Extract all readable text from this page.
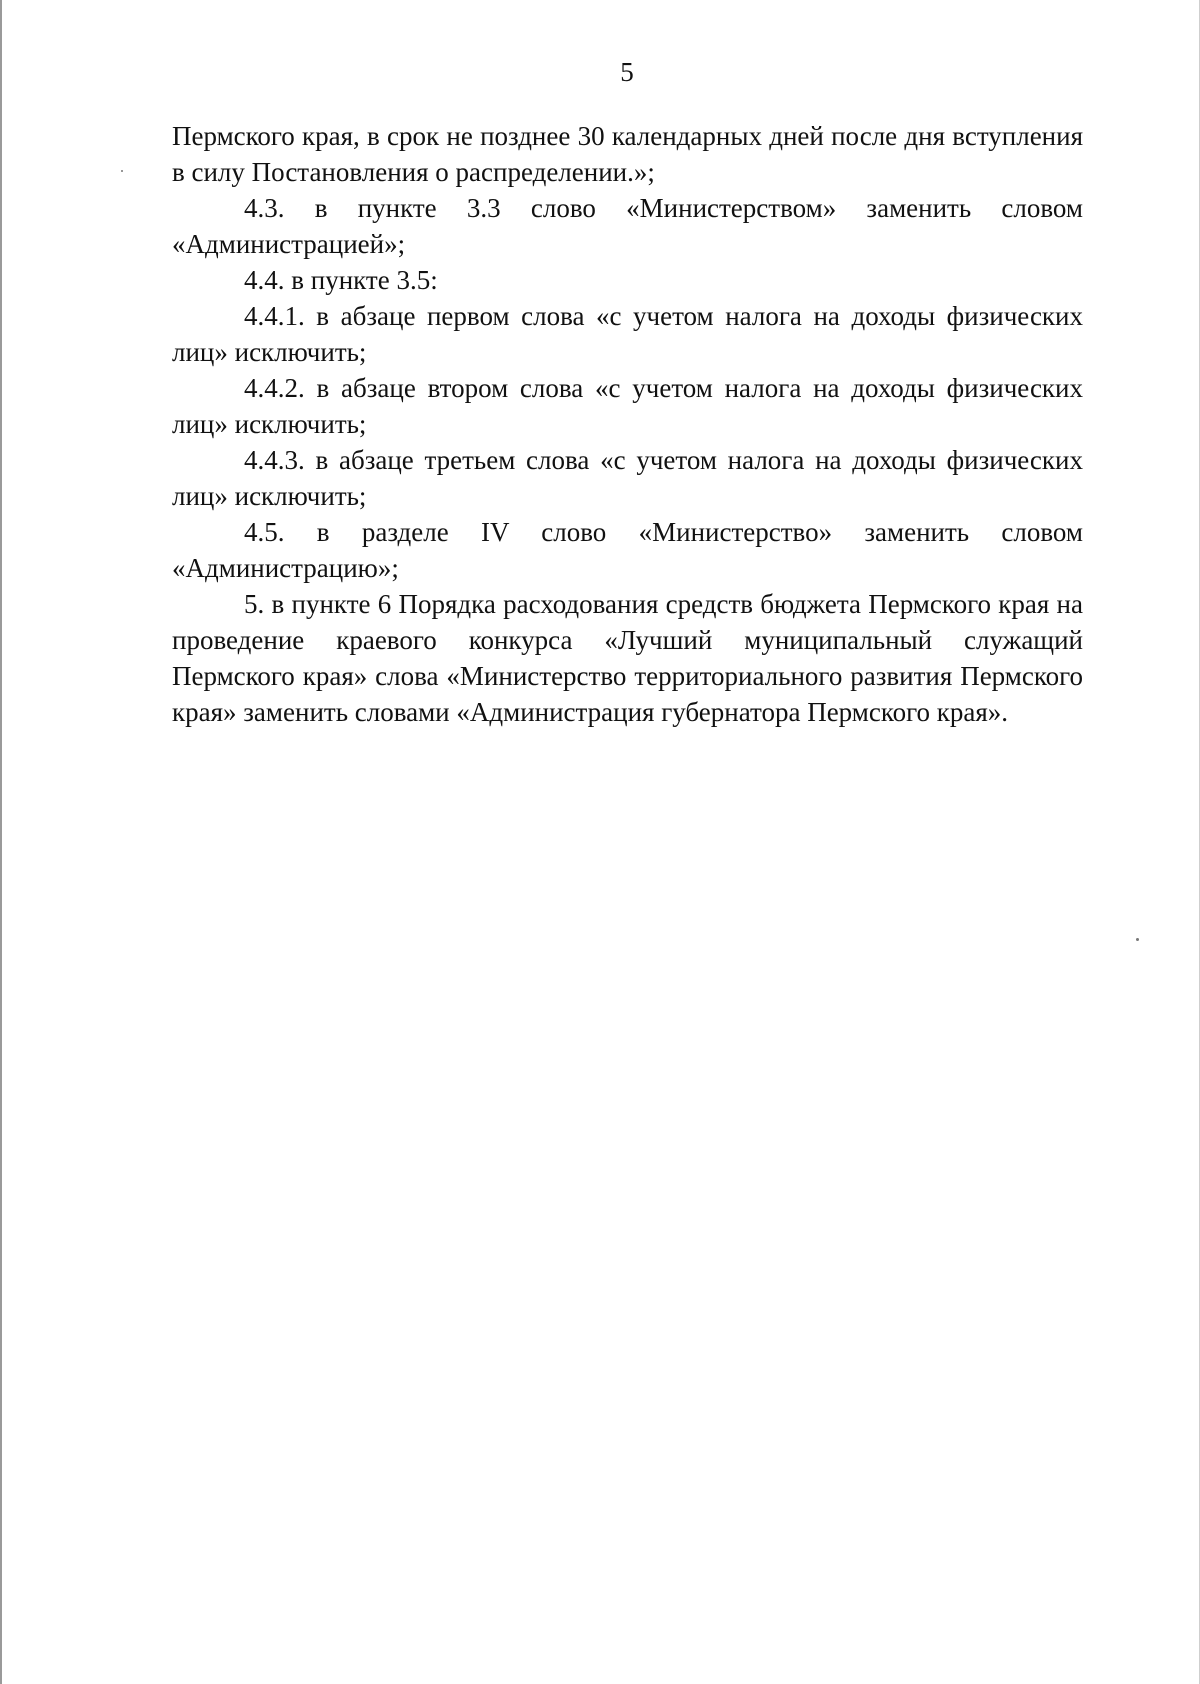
5

Пермского края, в срок не позднее 30 календарных дней после дня вступления в силу Постановления о распределении.»;

4.3. в пункте 3.3 слово «Министерством» заменить словом «Администрацией»;

4.4. в пункте 3.5:

4.4.1. в абзаце первом слова «с учетом налога на доходы физических лиц» исключить;

4.4.2. в абзаце втором слова «с учетом налога на доходы физических лиц» исключить;

4.4.3. в абзаце третьем слова «с учетом налога на доходы физических лиц» исключить;

4.5. в разделе IV слово «Министерство» заменить словом «Администрацию»;

5. в пункте 6 Порядка расходования средств бюджета Пермского края на проведение краевого конкурса «Лучший муниципальный служащий Пермского края» слова «Министерство территориального развития Пермского края» заменить словами «Администрация губернатора Пермского края».
